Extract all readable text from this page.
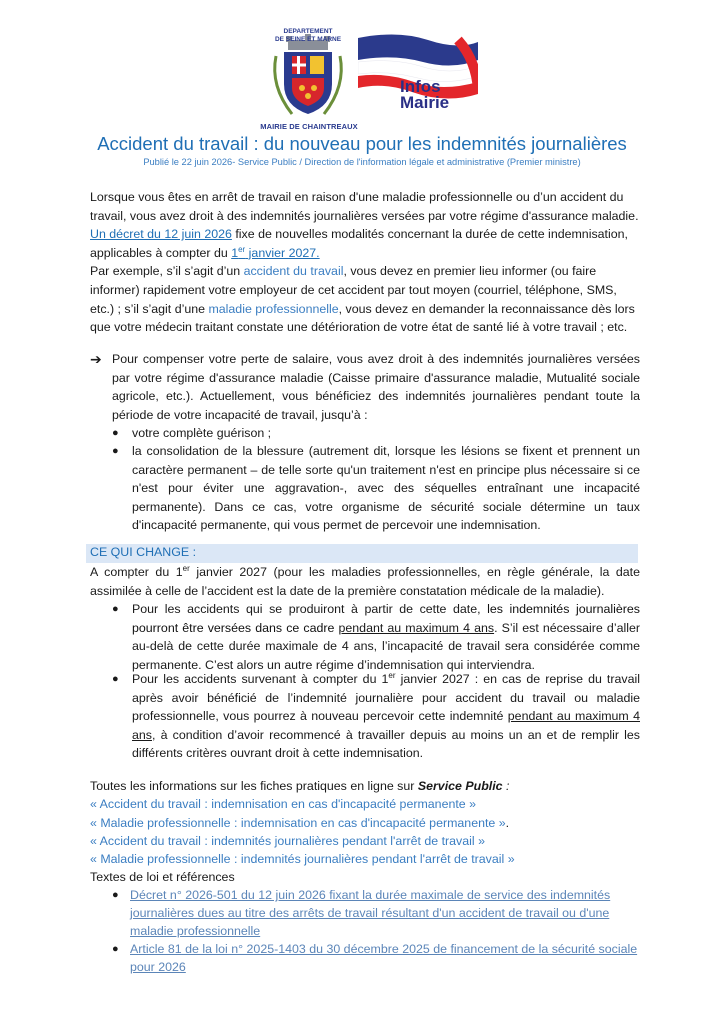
DEPARTEMENT
DE SEINE ET MARNE
MAIRIE DE CHAINTREAUX
Infos
Mairie
Accident du travail : du nouveau pour les indemnités journalières
Publié le 22 juin 2026- Service Public / Direction de l'information légale et administrative (Premier ministre)
Lorsque vous êtes en arrêt de travail en raison d'une maladie professionnelle ou d’un accident du travail, vous avez droit à des indemnités journalières versées par votre régime d'assurance maladie. Un décret du 12 juin 2026 fixe de nouvelles modalités concernant la durée de cette indemnisation, applicables à compter du 1er janvier 2027.
Par exemple, s’il s’agit d’un accident du travail, vous devez en premier lieu informer (ou faire informer) rapidement votre employeur de cet accident par tout moyen (courriel, téléphone, SMS, etc.) ; s’il s’agit d’une maladie professionnelle, vous devez en demander la reconnaissance dès lors que votre médecin traitant constate une détérioration de votre état de santé lié à votre travail ; etc.
➔ Pour compenser votre perte de salaire, vous avez droit à des indemnités journalières versées par votre régime d'assurance maladie (Caisse primaire d'assurance maladie, Mutualité sociale agricole, etc.). Actuellement, vous bénéficiez des indemnités journalières pendant toute la période de votre incapacité de travail, jusqu’à :
●	votre complète guérison ;
●	la consolidation de la blessure (autrement dit, lorsque les lésions se fixent et prennent un caractère permanent – de telle sorte qu'un traitement n'est en principe plus nécessaire si ce n'est pour éviter une aggravation-, avec des séquelles entraînant une incapacité permanente). Dans ce cas, votre organisme de sécurité sociale détermine un taux d'incapacité permanente, qui vous permet de percevoir une indemnisation.
CE QUI CHANGE :
A compter du 1er janvier 2027 (pour les maladies professionnelles, en règle générale, la date assimilée à celle de l’accident est la date de la première constatation médicale de la maladie).
●	Pour les accidents qui se produiront à partir de cette date, les indemnités journalières pourront être versées dans ce cadre pendant au maximum 4 ans. S’il est nécessaire d’aller au-delà de cette durée maximale de 4 ans, l’incapacité de travail sera considérée comme permanente. C’est alors un autre régime d’indemnisation qui interviendra.
●	Pour les accidents survenant à compter du 1er janvier 2027 : en cas de reprise du travail après avoir bénéficié de l’indemnité journalière pour accident du travail ou maladie professionnelle, vous pourrez à nouveau percevoir cette indemnité pendant au maximum 4 ans, à condition d’avoir recommencé à travailler depuis au moins un an et de remplir les différents critères ouvrant droit à cette indemnisation.
Toutes les informations sur les fiches pratiques en ligne sur Service Public :
« Accident du travail : indemnisation en cas d'incapacité permanente »
« Maladie professionnelle : indemnisation en cas d'incapacité permanente ».
« Accident du travail : indemnités journalières pendant l'arrêt de travail »
« Maladie professionnelle : indemnités journalières pendant l'arrêt de travail »
Textes de loi et références
● Décret n° 2026-501 du 12 juin 2026 fixant la durée maximale de service des indemnités journalières dues au titre des arrêts de travail résultant d'un accident de travail ou d'une maladie professionnelle
● Article 81 de la loi n° 2025-1403 du 30 décembre 2025 de financement de la sécurité sociale pour 2026
